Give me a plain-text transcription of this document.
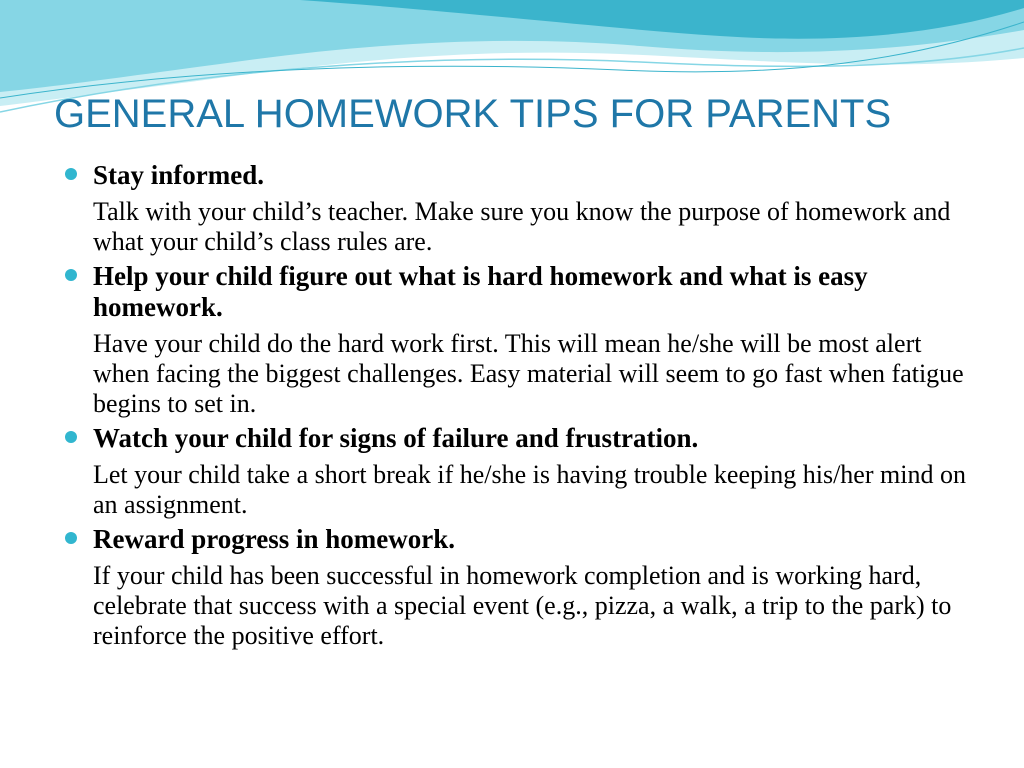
GENERAL HOMEWORK TIPS FOR PARENTS
Stay informed.
Talk with your child’s teacher. Make sure you know the purpose of homework and what your child’s class rules are.
Help your child figure out what is hard homework and what is easy homework.
Have your child do the hard work first. This will mean he/she will be most alert when facing the biggest challenges. Easy material will seem to go fast when fatigue begins to set in.
Watch your child for signs of failure and frustration.
Let your child take a short break if he/she is having trouble keeping his/her mind on an assignment.
Reward progress in homework.
If your child has been successful in homework completion and is working hard, celebrate that success with a special event (e.g., pizza, a walk, a trip to the park) to reinforce the positive effort.
